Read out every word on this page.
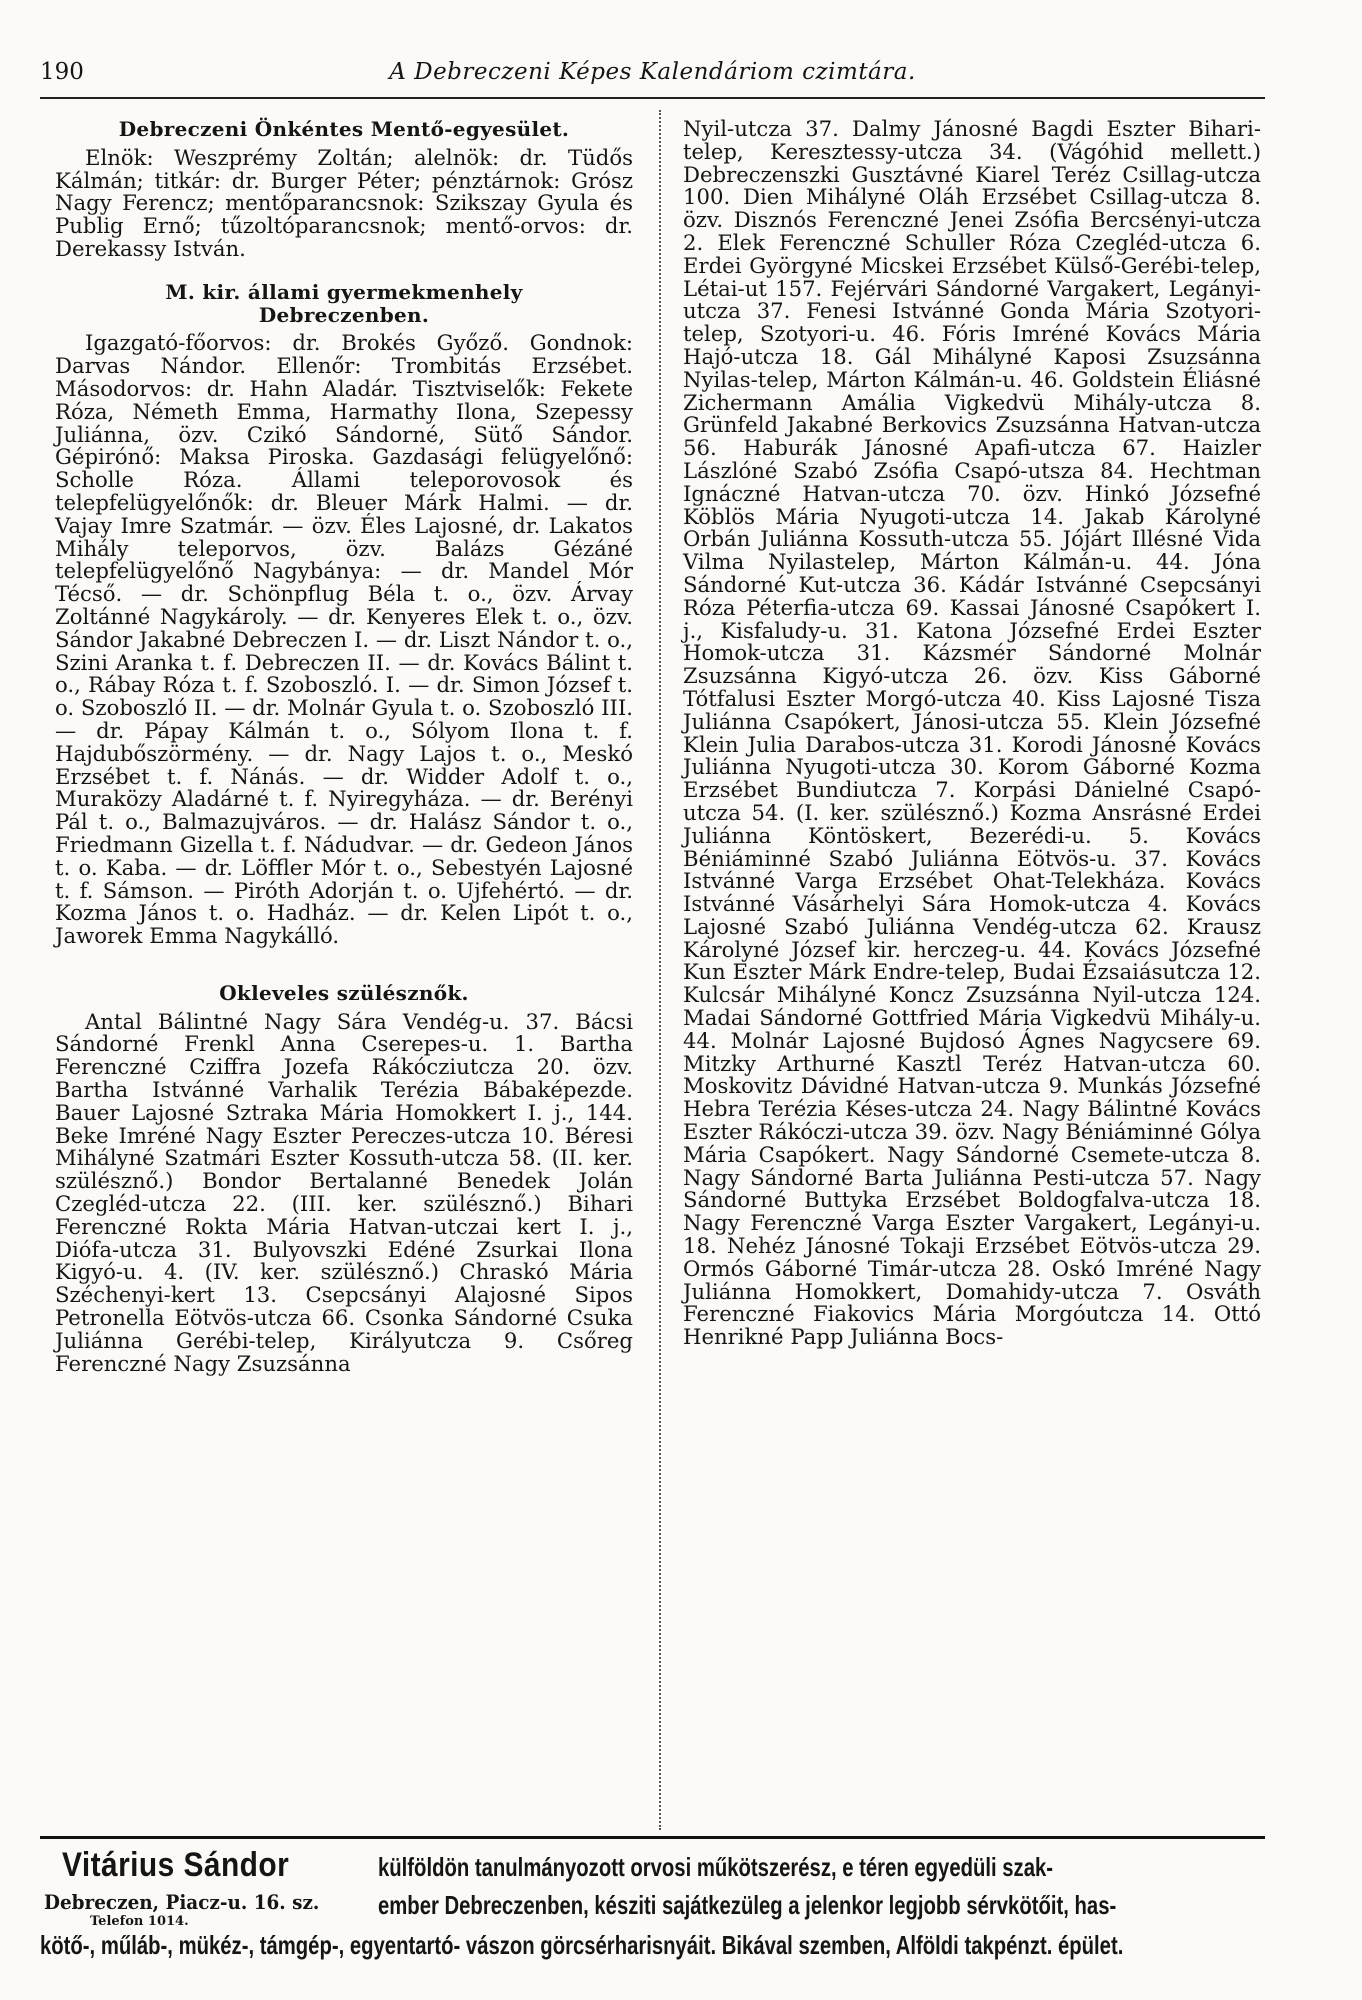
190	A Debreczeni Képes Kalendáriom czimtára.
Debreczeni Önkéntes Mentő-egyesület.

Elnök: Weszprémy Zoltán; alelnök: dr. Tüdős Kálmán; titkár: dr. Burger Péter; pénztárnok: Grósz Nagy Ferencz; mentőparancsnok: Szikszay Gyula és Publig Ernő; tűzoltóparancsnok; mentő-orvos: dr. Derekassy István.

M. kir. állami gyermekmenhely
Debreczenben.

Igazgató-főorvos: dr. Brokés Győző. Gondnok: Darvas Nándor. Ellenőr: Trombitás Erzsébet. Másodorvos: dr. Hahn Aladár. Tisztviselők: Fekete Róza, Németh Emma, Harmathy Ilona, Szepessy Juliánna, özv. Czikó Sándorné, Sütő Sándor. Gépirónő: Maksa Piroska. Gazdasági felügyelőnő: Scholle Róza. Állami teleporovosok és telepfelügyelőnők: dr. Bleuer Márk Halmi. — dr. Vajay Imre Szatmár. — özv. Éles Lajosné, dr. Lakatos Mihály teleporvos, özv. Balázs Gézáné telepfelügyelőnő Nagybánya: — dr. Mandel Mór Técső. — dr. Schönpflug Béla t. o., özv. Árvay Zoltánné Nagykároly. — dr. Kenyeres Elek t. o., özv. Sándor Jakabné Debreczen I. — dr. Liszt Nándor t. o., Szini Aranka t. f. Debreczen II. — dr. Kovács Bálint t. o., Rábay Róza t. f. Szoboszló. I. — dr. Simon József t. o. Szoboszló II. — dr. Molnár Gyula t. o. Szoboszló III. — dr. Pápay Kálmán t. o., Sólyom Ilona t. f. Hajdubőszörmény. — dr. Nagy Lajos t. o., Meskó Erzsébet t. f. Nánás. — dr. Widder Adolf t. o., Muraközy Aladárné t. f. Nyiregyháza. — dr. Berényi Pál t. o., Balmazujváros. — dr. Halász Sándor t. o., Friedmann Gizella t. f. Nádudvar. — dr. Gedeon János t. o. Kaba. — dr. Löffler Mór t. o., Sebestyén Lajosné t. f. Sámson. — Piróth Adorján t. o. Ujfehértó. — dr. Kozma János t. o. Hadház. — dr. Kelen Lipót t. o., Jaworek Emma Nagykálló.

Okleveles szülésznők.

Antal Bálintné Nagy Sára Vendég-u. 37. Bácsi Sándorné Frenkl Anna Cserepes-u. 1. Bartha Ferenczné Cziffra Jozefa Rákócziutcza 20. özv. Bartha Istvánné Varhalik Terézia Bábaképezde. Bauer Lajosné Sztraka Mária Homokkert I. j., 144. Beke Imréné Nagy Eszter Pereczes-utcza 10. Béresi Mihályné Szatmári Eszter Kossuth-utcza 58. (II. ker. szülésznő.) Bondor Bertalanné Benedek Jolán Czegléd-utcza 22. (III. ker. szülésznő.) Bihari Ferenczné Rokta Mária Hatvan-utczai kert I. j., Diófa-utcza 31. Bulyovszki Edéné Zsurkai Ilona Kigyó-u. 4. (IV. ker. szülésznő.) Chraskó Mária Széchenyi-kert 13. Csepcsányi Alajosné Sipos Petronella Eötvös-utcza 66. Csonka Sándorné Csuka Juliánna Gerébi-telep, Királyutcza 9. Csőreg Ferenczné Nagy Zsuzsánna

Nyil-utcza 37. Dalmy Jánosné Bagdi Eszter Bihari-telep, Keresztessy-utcza 34. (Vágóhid mellett.) Debreczenszki Gusztávné Kiarel Teréz Csillag-utcza 100. Dien Mihályné Oláh Erzsébet Csillag-utcza 8. özv. Disznós Ferenczné Jenei Zsófia Bercsényi-utcza 2. Elek Ferenczné Schuller Róza Czegléd-utcza 6. Erdei Györgyné Micskei Erzsébet Külső-Gerébi-telep, Létai-ut 157. Fejérvári Sándorné Vargakert, Legányi-utcza 37. Fenesi Istvánné Gonda Mária Szotyori-telep, Szotyori-u. 46. Fóris Imréné Kovács Mária Hajó-utcza 18. Gál Mihályné Kaposi Zsuzsánna Nyilas-telep, Márton Kálmán-u. 46. Goldstein Éliásné Zichermann Amália Vigkedvü Mihály-utcza 8. Grünfeld Jakabné Berkovics Zsuzsánna Hatvan-utcza 56. Haburák Jánosné Apafi-utcza 67. Haizler Lászlóné Szabó Zsófia Csapó-utsza 84. Hechtman Ignáczné Hatvan-utcza 70. özv. Hinkó Józsefné Köblös Mária Nyugoti-utcza 14. Jakab Károlyné Orbán Juliánna Kossuth-utcza 55. Jójárt Illésné Vida Vilma Nyilastelep, Márton Kálmán-u. 44. Jóna Sándorné Kut-utcza 36. Kádár Istvánné Csepcsányi Róza Péterfia-utcza 69. Kassai Jánosné Csapókert I. j., Kisfaludy-u. 31. Katona Józsefné Erdei Eszter Homok-utcza 31. Kázsmér Sándorné Molnár Zsuzsánna Kigyó-utcza 26. özv. Kiss Gáborné Tótfalusi Eszter Morgó-utcza 40. Kiss Lajosné Tisza Juliánna Csapókert, Jánosi-utcza 55. Klein Józsefné Klein Julia Darabos-utcza 31. Korodi Jánosné Kovács Juliánna Nyugoti-utcza 30. Korom Gáborné Kozma Erzsébet Bundiutcza 7. Korpási Dánielné Csapó-utcza 54. (I. ker. szülésznő.) Kozma Ansrásné Erdei Juliánna Köntöskert, Bezerédi-u. 5. Kovács Béniáminné Szabó Juliánna Eötvös-u. 37. Kovács Istvánné Varga Erzsébet Ohat-Telekháza. Kovács Istvánné Vásárhelyi Sára Homok-utcza 4. Kovács Lajosné Szabó Juliánna Vendég-utcza 62. Krausz Károlyné József kir. herczeg-u. 44. Kovács Józsefné Kun Eszter Márk Endre-telep, Budai Ézsaiásutcza 12. Kulcsár Mihályné Koncz Zsuzsánna Nyil-utcza 124. Madai Sándorné Gottfried Mária Vigkedvü Mihály-u. 44. Molnár Lajosné Bujdosó Ágnes Nagycsere 69. Mitzky Arthurné Kasztl Teréz Hatvan-utcza 60. Moskovitz Dávidné Hatvan-utcza 9. Munkás Józsefné Hebra Terézia Késes-utcza 24. Nagy Bálintné Kovács Eszter Rákóczi-utcza 39. özv. Nagy Béniáminné Gólya Mária Csapókert. Nagy Sándorné Csemete-utcza 8. Nagy Sándorné Barta Juliánna Pesti-utcza 57. Nagy Sándorné Buttyka Erzsébet Boldogfalva-utcza 18. Nagy Ferenczné Varga Eszter Vargakert, Legányi-u. 18. Nehéz Jánosné Tokaji Erzsébet Eötvös-utcza 29. Ormós Gáborné Timár-utcza 28. Oskó Imréné Nagy Juliánna Homokkert, Domahidy-utcza 7. Osváth Ferenczné Fiakovics Mária Morgóutcza 14. Ottó Henrikné Papp Juliánna Bocs-

Vitárius Sándor
Debreczen, Piacz-u. 16. sz.
Telefon 1014.
külföldön tanulmányozott orvosi műkötszerész, e téren egyedüli szak-
ember Debreczenben, késziti sajátkezüleg a jelenkor legjobb sérvkötőit, has-
kötő-, műláb-, mükéz-, támgép-, egyentartó- vászon görcsérharisnyáit. Bikával szemben, Alföldi takpénzt. épület.
